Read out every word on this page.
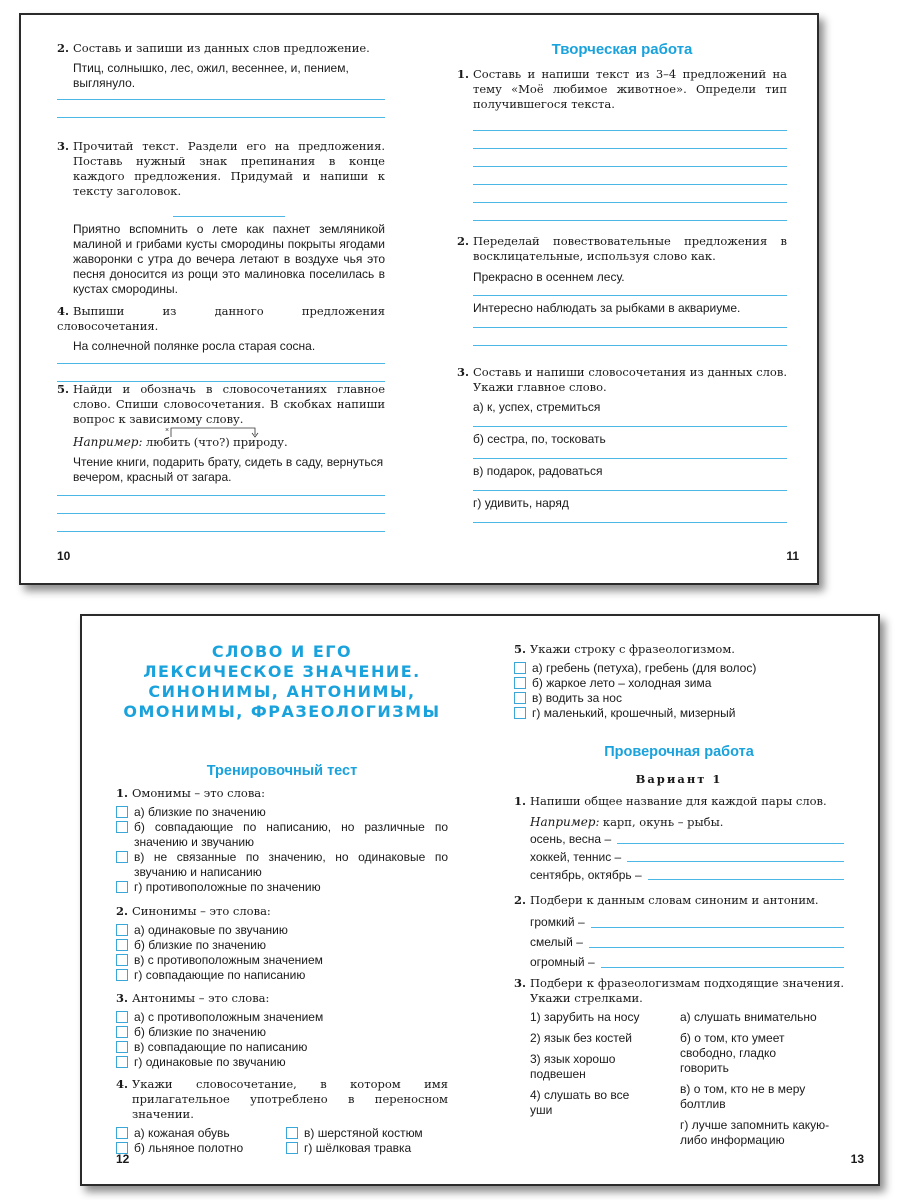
2. Составь и запиши из данных слов предложение.
Птиц, солнышко, лес, ожил, весеннее, и, пением, выглянуло.
3. Прочитай текст. Раздели его на предложения. Поставь нужный знак препинания в конце каждого предложения. Придумай и напиши к тексту заголовок.
Приятно вспомнить о лете как пахнет земляникой малиной и грибами кусты смородины покрыты ягодами жаворонки с утра до вечера летают в воздухе чья это песня доносится из рощи это малиновка поселилась в кустах смородины.
4. Выпиши из данного предложения словосочетания.
На солнечной полянке росла старая сосна.
5. Найди и обозначь в словосочетаниях главное слово. Спиши словосочетания. В скобках напиши вопрос к зависимому слову.
Например: любить (что?) природу.
×
Чтение книги, подарить брату, сидеть в саду, вернуться вечером, красный от загара.
10
Творческая работа
1. Составь и напиши текст из 3–4 предложений на тему «Моё любимое животное». Определи тип получившегося текста.
2. Переделай повествовательные предложения в восклицательные, используя слово как.
Прекрасно в осеннем лесу.
Интересно наблюдать за рыбками в аквариуме.
3. Составь и напиши словосочетания из данных слов. Укажи главное слово.
а) к, успех, стремиться
б) сестра, по, тосковать
в) подарок, радоваться
г) удивить, наряд
11
СЛОВО И ЕГО
ЛЕКСИЧЕСКОЕ ЗНАЧЕНИЕ.
СИНОНИМЫ, АНТОНИМЫ,
ОМОНИМЫ, ФРАЗЕОЛОГИЗМЫ
Тренировочный тест
1. Омонимы – это слова:
а) близкие по значению
б) совпадающие по написанию, но различные по значению и звучанию
в) не связанные по значению, но одинаковые по звучанию и написанию
г) противоположные по значению
2. Синонимы – это слова:
а) одинаковые по звучанию
б) близкие по значению
в) с противоположным значением
г) совпадающие по написанию
3. Антонимы – это слова:
а) с противоположным значением
б) близкие по значению
в) совпадающие по написанию
г) одинаковые по звучанию
4. Укажи словосочетание, в котором имя прилагательное употреблено в переносном значении.
а) кожаная обувь	в) шерстяной костюм
б) льняное полотно	г) шёлковая травка
12
5. Укажи строку с фразеологизмом.
а) гребень (петуха), гребень (для волос)
б) жаркое лето – холодная зима
в) водить за нос
г) маленький, крошечный, мизерный
Проверочная работа
Вариант 1
1. Напиши общее название для каждой пары слов.
Например: карп, окунь – рыбы.
осень, весна –
хоккей, теннис –
сентябрь, октябрь –
2. Подбери к данным словам синоним и антоним.
громкий –
смелый –
огромный –
3. Подбери к фразеологизмам подходящие значения. Укажи стрелками.
1) зарубить на носу
2) язык без костей
3) язык хорошо подвешен
4) слушать во все уши
а) слушать внимательно
б) о том, кто умеет свободно, гладко говорить
в) о том, кто не в меру болтлив
г) лучше запомнить какую-либо информацию
13
